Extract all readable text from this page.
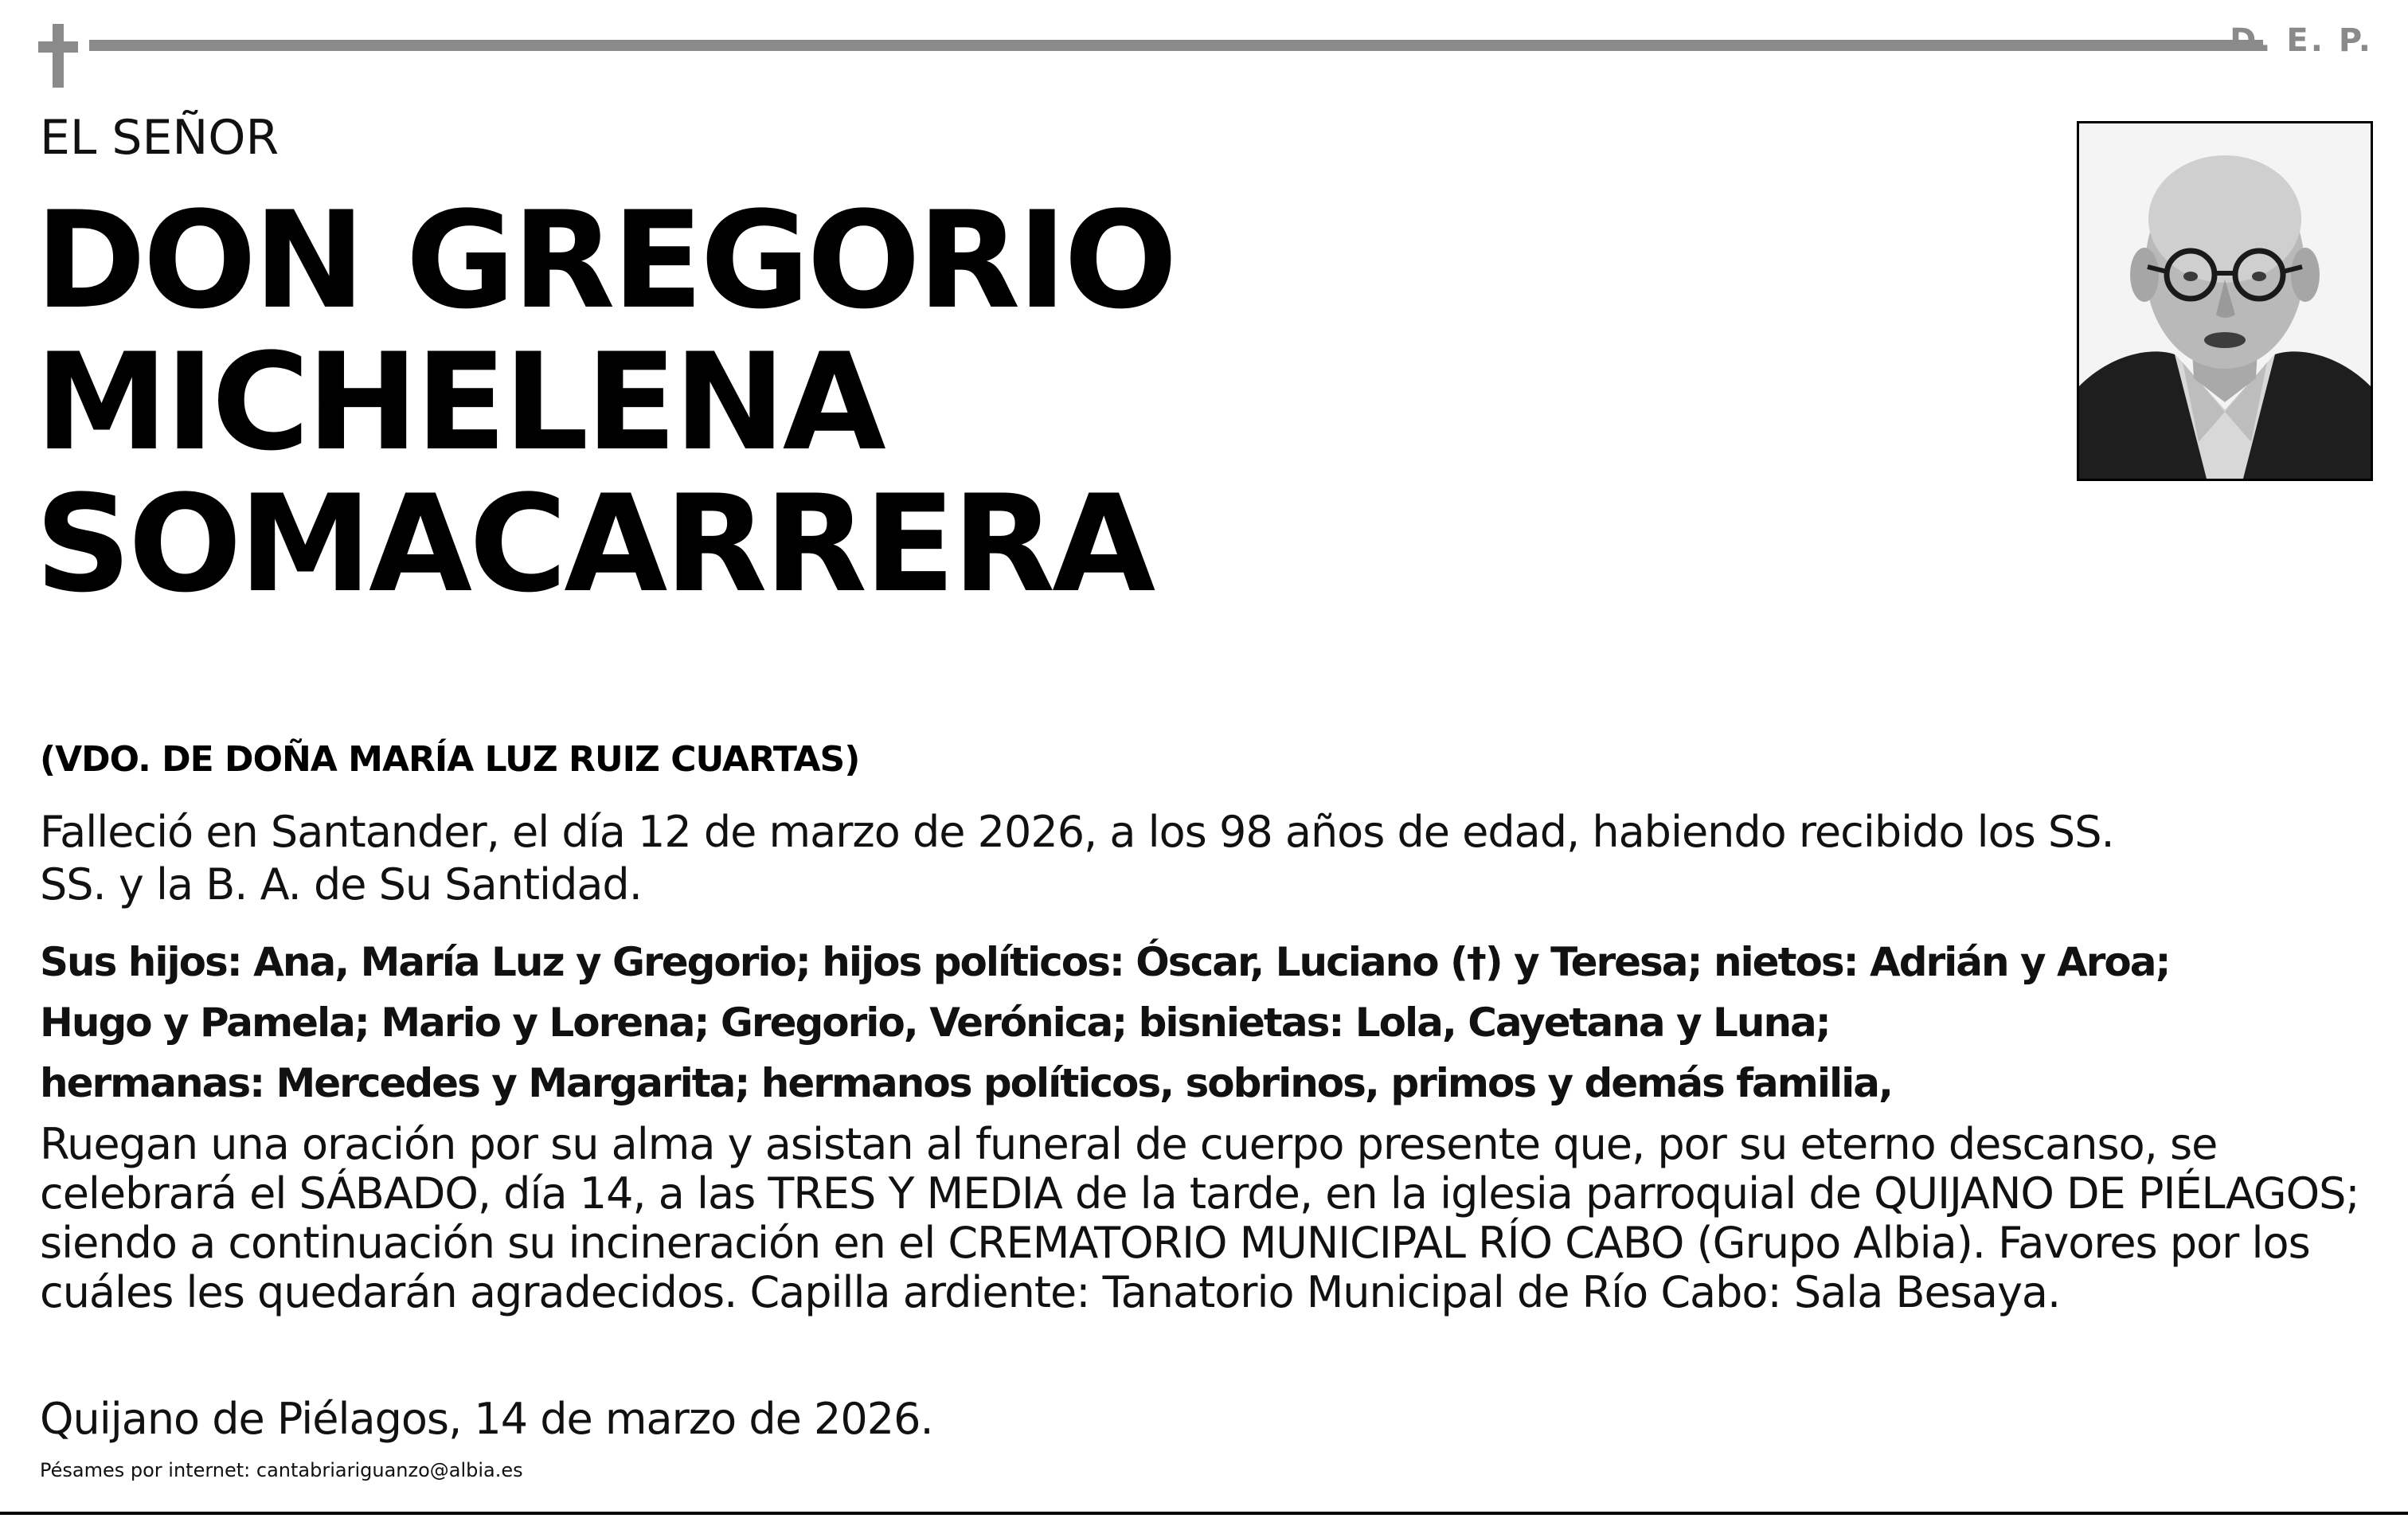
D. E. P.
EL SEÑOR
DON GREGORIO
MICHELENA
SOMACARRERA
(VDO. DE DOÑA MARÍA LUZ RUIZ CUARTAS)
Falleció en Santander, el día 12 de marzo de 2026, a los 98 años de edad, habiendo recibido los SS. SS. y la B. A. de Su Santidad.
Sus hijos: Ana, María Luz y Gregorio; hijos políticos: Óscar, Luciano (†) y Teresa; nietos: Adrián y Aroa;
Hugo y Pamela; Mario y Lorena; Gregorio, Verónica; bisnietas: Lola, Cayetana y Luna;
hermanas: Mercedes y Margarita; hermanos políticos, sobrinos, primos y demás familia,
Ruegan una oración por su alma y asistan al funeral de cuerpo presente que, por su eterno descanso, se celebrará el SÁBADO, día 14, a las TRES Y MEDIA de la tarde, en la iglesia parroquial de QUIJANO DE PIÉLAGOS; siendo a continuación su incineración en el CREMATORIO MUNICIPAL RÍO CABO (Grupo Albia). Favores por los cuáles les quedarán agradecidos. Capilla ardiente: Tanatorio Municipal de Río Cabo: Sala Besaya.
Quijano de Piélagos, 14 de marzo de 2026.
Pésames por internet: cantabriariguanzo@albia.es
